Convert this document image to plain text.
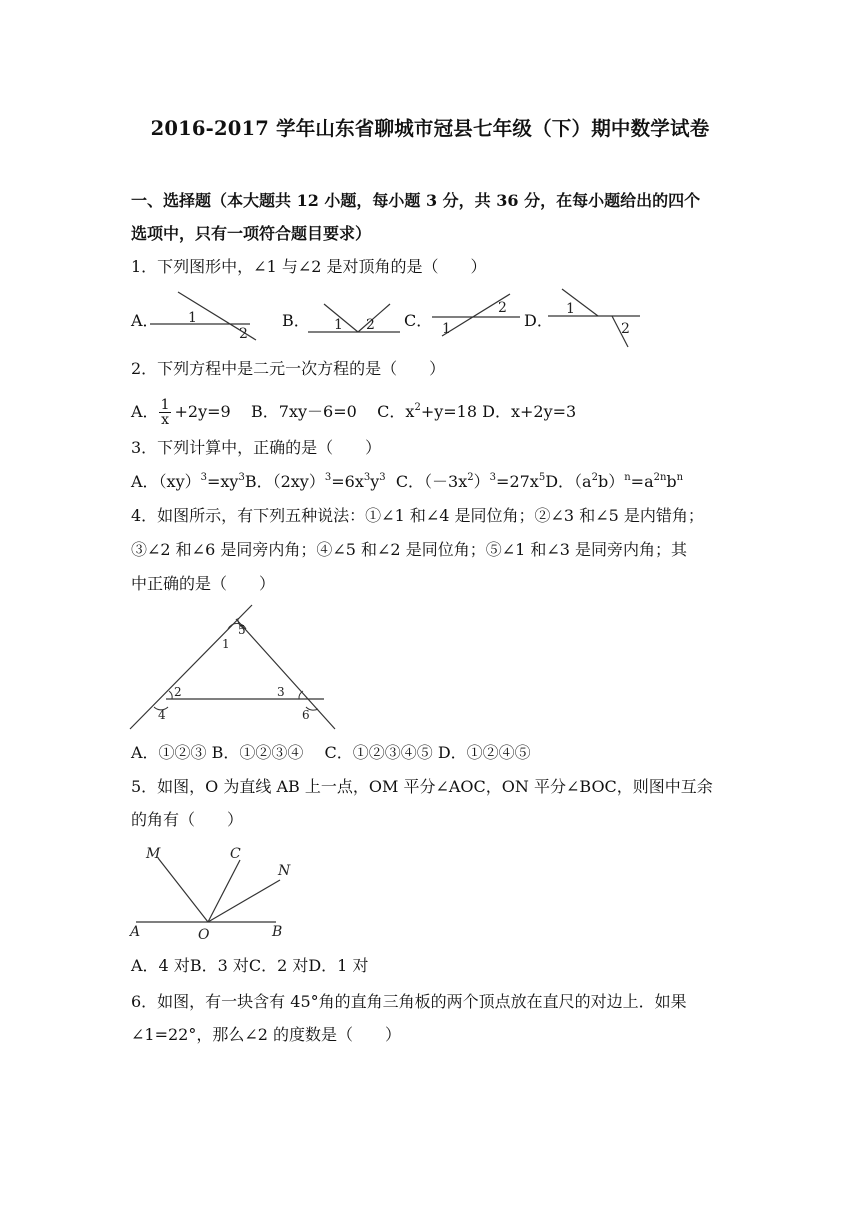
2016-2017 学年山东省聊城市冠县七年级（下）期中数学试卷
一、选择题（本大题共 12 小题，每小题 3 分，共 36 分，在每小题给出的四个
选项中，只有一项符合题目要求）
1．下列图形中，∠1 与∠2 是对顶角的是（　　）
A． 1
2
B． 1 2 C． 1
2
D．
1
2
2．下列方程中是二元一次方程的是（　　）
A． $\frac{1}{x} +2y=9$ B．7xy－6=0 C．$x^2+y=18$ D．x+2y=3
3．下列计算中，正确的是（　　）
A．$(xy)^3=xy^3B$．$(2xy)^3=6x^3y^3$ C．$(-3x^2)^3=27x^5D$．$(a^2b)^n=a^{2n}b^n$
4．如图所示，有下列五种说法：①∠1 和∠4 是同位角；②∠3 和∠5 是内错角；
③∠2 和∠6 是同旁内角；④∠5 和∠2 是同位角；⑤∠1 和∠3 是同旁内角；其
中正确的是（　　）
5
1
2
4
3
6
A．①②③ B．①②③④　 C．①②③④⑤ D．①②④⑤
5．如图，O 为直线 AB 上一点，OM 平分∠AOC，ON 平分∠BOC，则图中互余
的角有（　　）
M	C
N
A	O	B
A．4 对B．3 对C．2 对D．1 对
6．如图，有一块含有 45°角的直角三角板的两个顶点放在直尺的对边上．如果
∠1=22°，那么∠2 的度数是（　　）
